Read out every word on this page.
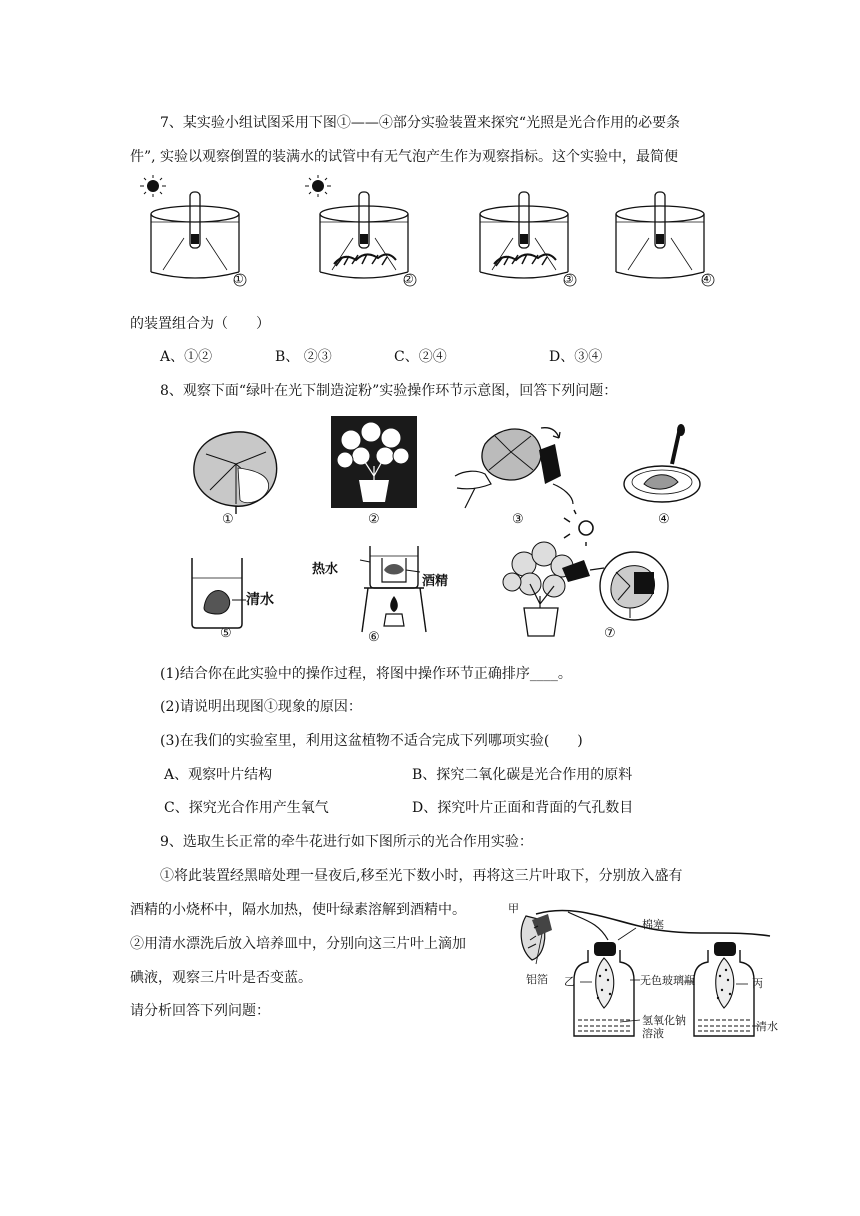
7、某实验小组试图采用下图①——④部分实验装置来探究“光照是光合作用的必要条
件”, 实验以观察倒置的装满水的试管中有无气泡产生作为观察指标。这个实验中，最简便
①	②	③	④
的装置组合为（　　）
A、①②	B、 ②③	C、②④	D、③④
8、观察下面“绿叶在光下制造淀粉”实验操作环节示意图，回答下列问题：
清水
热水
酒精
①	②	③	④
⑤	⑥	⑦
(1)结合你在此实验中的操作过程，将图中操作环节正确排序____。
(2)请说明出现图①现象的原因：
(3)在我们的实验室里，利用这盆植物不适合完成下列哪项实验(　　)
A、观察叶片结构	B、探究二氧化碳是光合作用的原料
C、探究光合作用产生氧气	D、探究叶片正面和背面的气孔数目
9、选取生长正常的牵牛花进行如下图所示的光合作用实验：
①将此装置经黑暗处理一昼夜后,移至光下数小时，再将这三片叶取下，分别放入盛有
酒精的小烧杯中，隔水加热，使叶绿素溶解到酒精中。
②用清水漂洗后放入培养皿中，分别向这三片叶上滴加
碘液，观察三片叶是否变蓝。
请分析回答下列问题：
甲
棉塞
铝箔 乙	无色玻璃瓶	丙
氢氧化钠
溶液
清水
